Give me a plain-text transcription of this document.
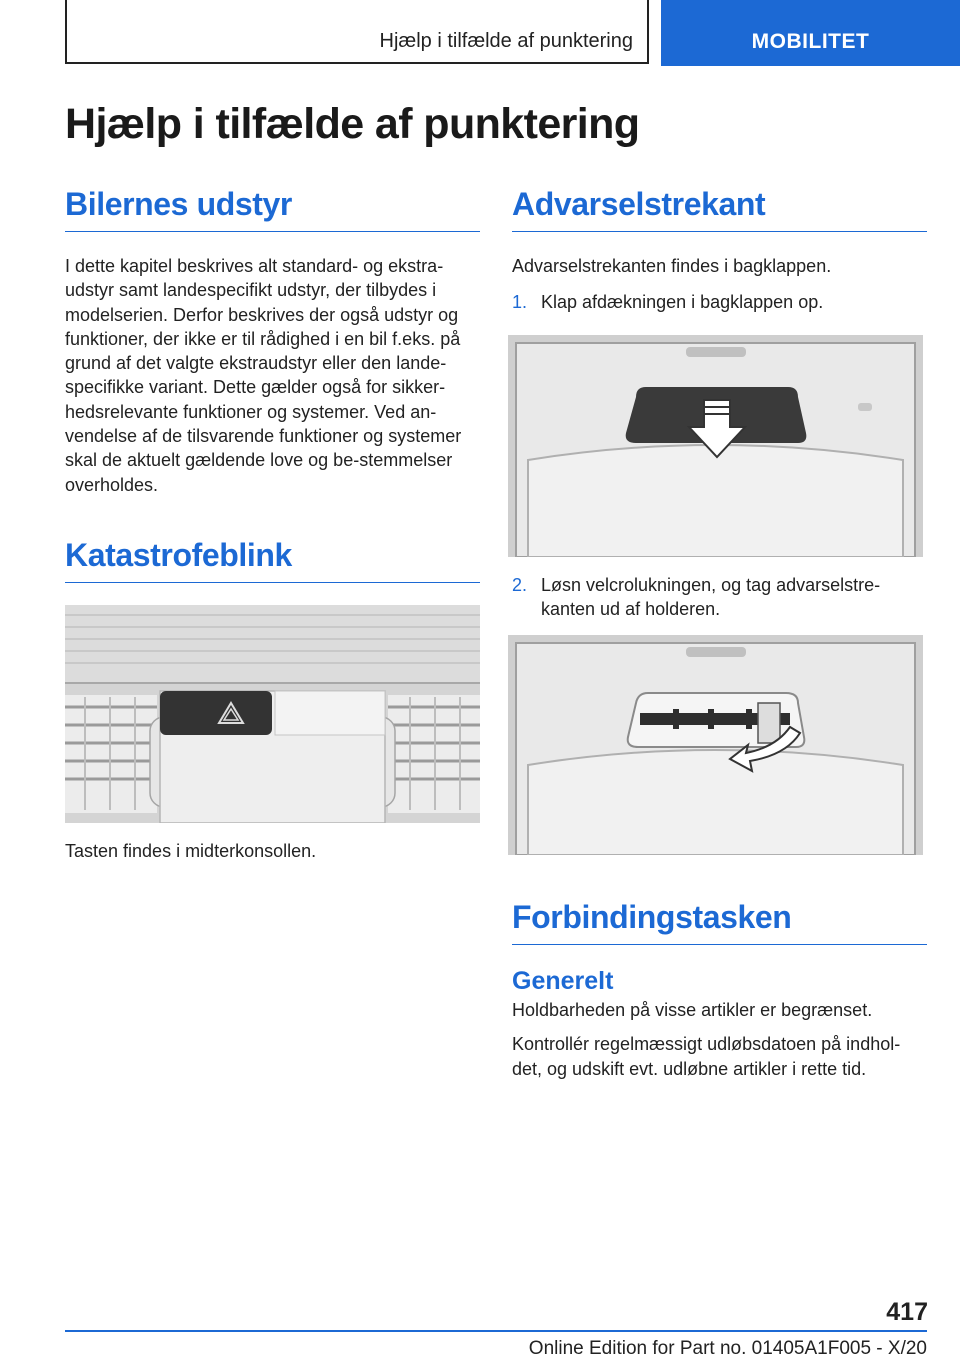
Hjælp i tilfælde af punktering	MOBILITET
Hjælp i tilfælde af punktering
Bilernes udstyr

I dette kapitel beskrives alt standard- og ekstra-udstyr samt landespecifikt udstyr, der tilbydes i modelserien. Derfor beskrives der også udstyr og funktioner, der ikke er til rådighed i en bil f.eks. på grund af det valgte ekstraudstyr eller den lande-specifikke variant. Dette gælder også for sikker-hedsrelevante funktioner og systemer. Ved an-vendelse af de tilsvarende funktioner og systemer skal de aktuelt gældende love og be-stemmelser overholdes.

Katastrofeblink

Tasten findes i midterkonsollen.

Advarselstrekant

Advarselstrekanten findes i bagklappen.

1. Klap afdækningen i bagklappen op.
2. Løsn velcrolukningen, og tag advarselstre-kanten ud af holderen.
Forbindingstasken
Generelt

Holdbarheden på visse artikler er begrænset.

Kontrollér regelmæssigt udløbsdatoen på indhol-det, og udskift evt. udløbne artikler i rette tid.

417
Online Edition for Part no. 01405A1F005 - X/20
